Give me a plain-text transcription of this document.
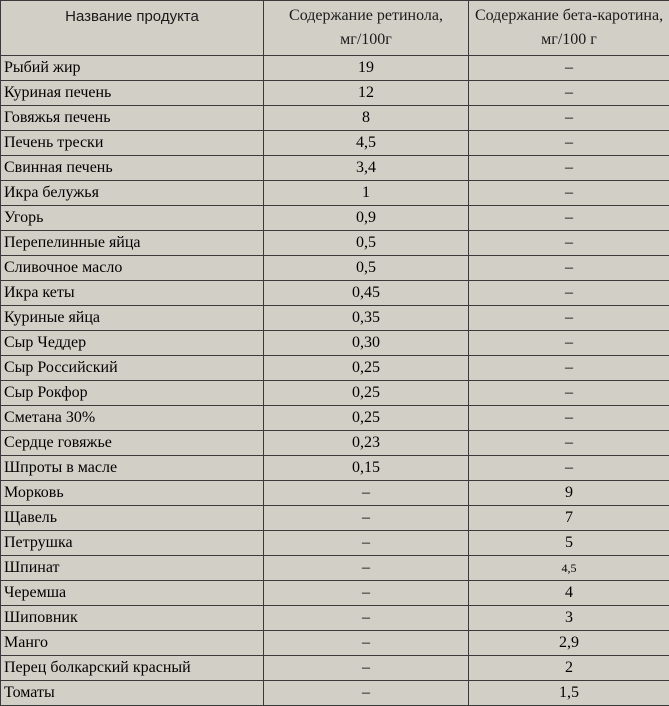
Название продукта	Содержание ретинола, мг/100г	Содержание бета-каротина, мг/100 г
Рыбий жир	19	–
Куриная печень	12	–
Говяжья печень	8	–
Печень трески	4,5	–
Свинная печень	3,4	–
Икра белужья	1	–
Угорь	0,9	–
Перепелинные яйца	0,5	–
Сливочное масло	0,5	–
Икра кеты	0,45	–
Куриные яйца	0,35	–
Сыр Чеддер	0,30	–
Сыр Российский	0,25	–
Сыр Рокфор	0,25	–
Сметана 30%	0,25	–
Сердце говяжье	0,23	–
Шпроты в масле	0,15	–
Морковь	–	9
Щавель	–	7
Петрушка	–	5
Шпинат	–	4,5
Черемша	–	4
Шиповник	–	3
Манго	–	2,9
Перец болкарский красный	–	2
Томаты	–	1,5
